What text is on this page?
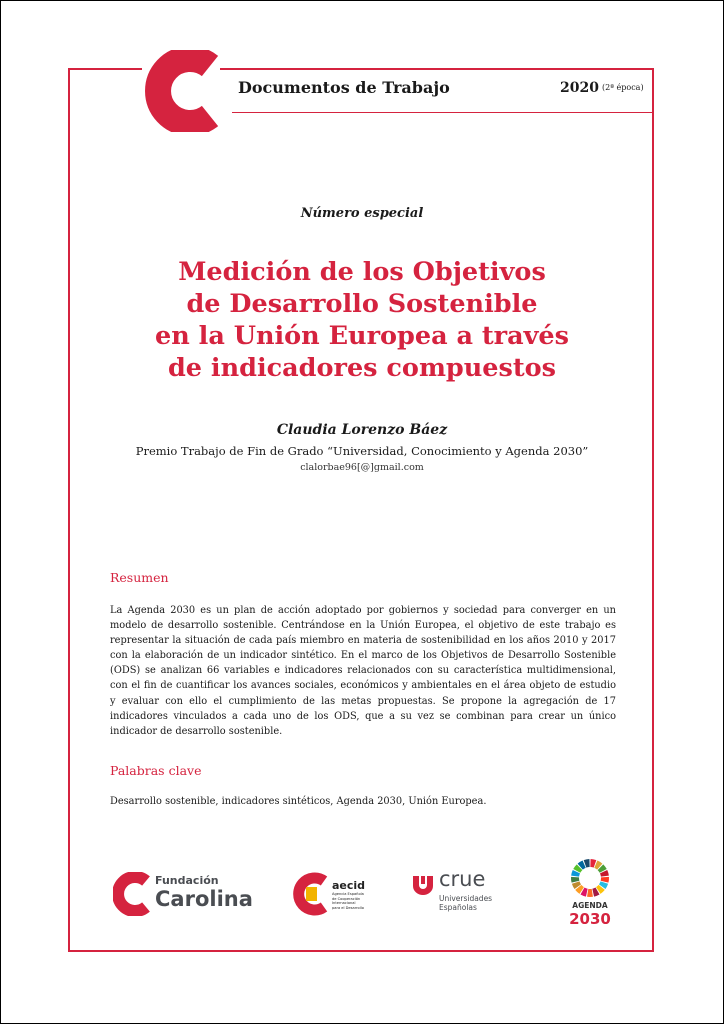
Documentos de Trabajo	2020 (2ª época)
Número especial
Medición de los Objetivos
de Desarrollo Sostenible
en la Unión Europea a través
de indicadores compuestos
Claudia Lorenzo Báez
Premio Trabajo de Fin de Grado “Universidad, Conocimiento y Agenda 2030”
clalorbae96[@]gmail.com
Resumen

La Agenda 2030 es un plan de acción adoptado por gobiernos y sociedad para converger en un modelo de desarrollo sostenible. Centrándose en la Unión Europea, el objetivo de este trabajo es representar la situación de cada país miembro en materia de sostenibilidad en los años 2010 y 2017 con la elaboración de un indicador sintético. En el marco de los Objetivos de Desarrollo Sostenible (ODS) se analizan 66 variables e indicadores relacionados con su característica multidimensional, con el fin de cuantificar los avances sociales, económicos y ambientales en el área objeto de estudio y evaluar con ello el cumplimiento de las metas propuestas. Se propone la agregación de 17 indicadores vinculados a cada uno de los ODS, que a su vez se combinan para crear un único indicador de desarrollo sostenible.

Palabras clave

Desarrollo sostenible, indicadores sintéticos, Agenda 2030, Unión Europea.

Fundación
Carolina
aecid
Agencia Española
de Cooperación
Internacional
para el Desarrollo
crue
Universidades
Españolas	AGENDA
2030
